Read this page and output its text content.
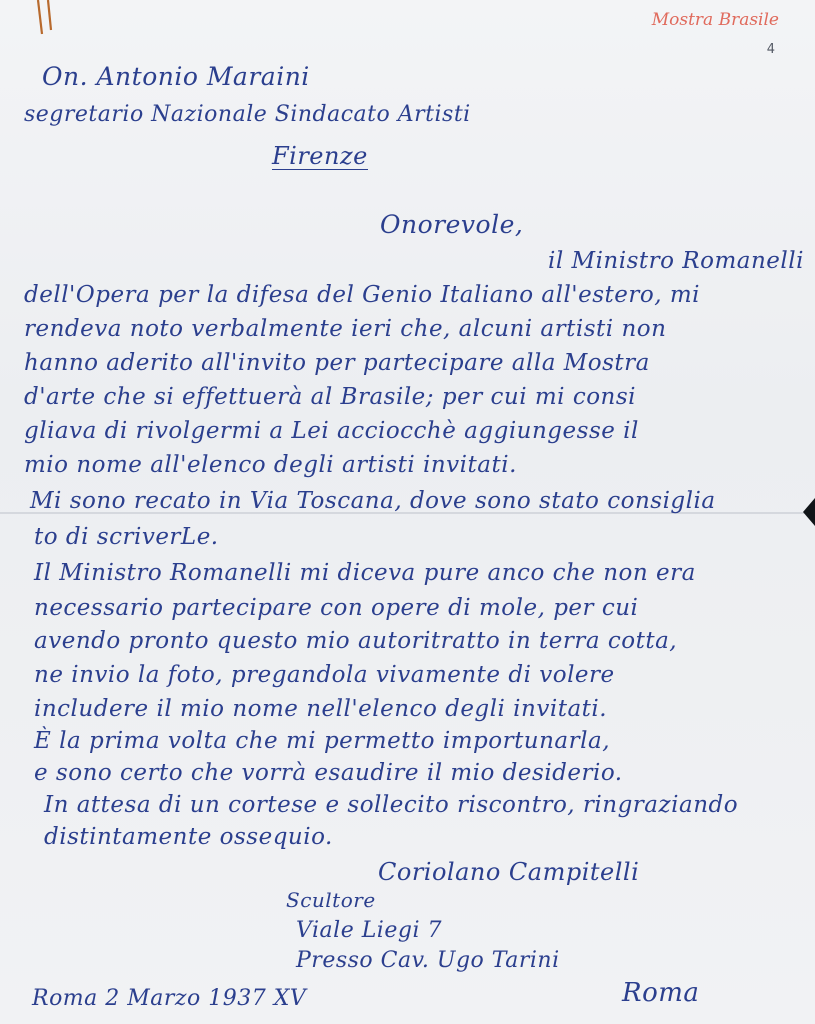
Mostra Brasile
4
On. Antonio Maraini
segretario Nazionale Sindacato Artisti
Firenze
Onorevole,
il Ministro Romanelli
dell'Opera per la difesa del Genio Italiano all'estero, mi
rendeva noto verbalmente ieri che, alcuni artisti non
hanno aderito all'invito per partecipare alla Mostra
d'arte che si effettuerà al Brasile; per cui mi consi
gliava di rivolgermi a Lei acciocchè aggiungesse il
mio nome all'elenco degli artisti invitati.
Mi sono recato in Via Toscana, dove sono stato consiglia
to di scriverLe.
Il Ministro Romanelli mi diceva pure anco che non era
necessario partecipare con opere di mole, per cui
avendo pronto questo mio autoritratto in terra cotta,
ne invio la foto, pregandola vivamente di volere
includere il mio nome nell'elenco degli invitati.
È la prima volta che mi permetto importunarla,
e sono certo che vorrà esaudire il mio desiderio.
In attesa di un cortese e sollecito riscontro, ringraziando
distintamente ossequio.
Coriolano Campitelli
Scultore
Viale Liegi 7
Presso Cav. Ugo Tarini
Roma
Roma 2 Marzo 1937 XV
